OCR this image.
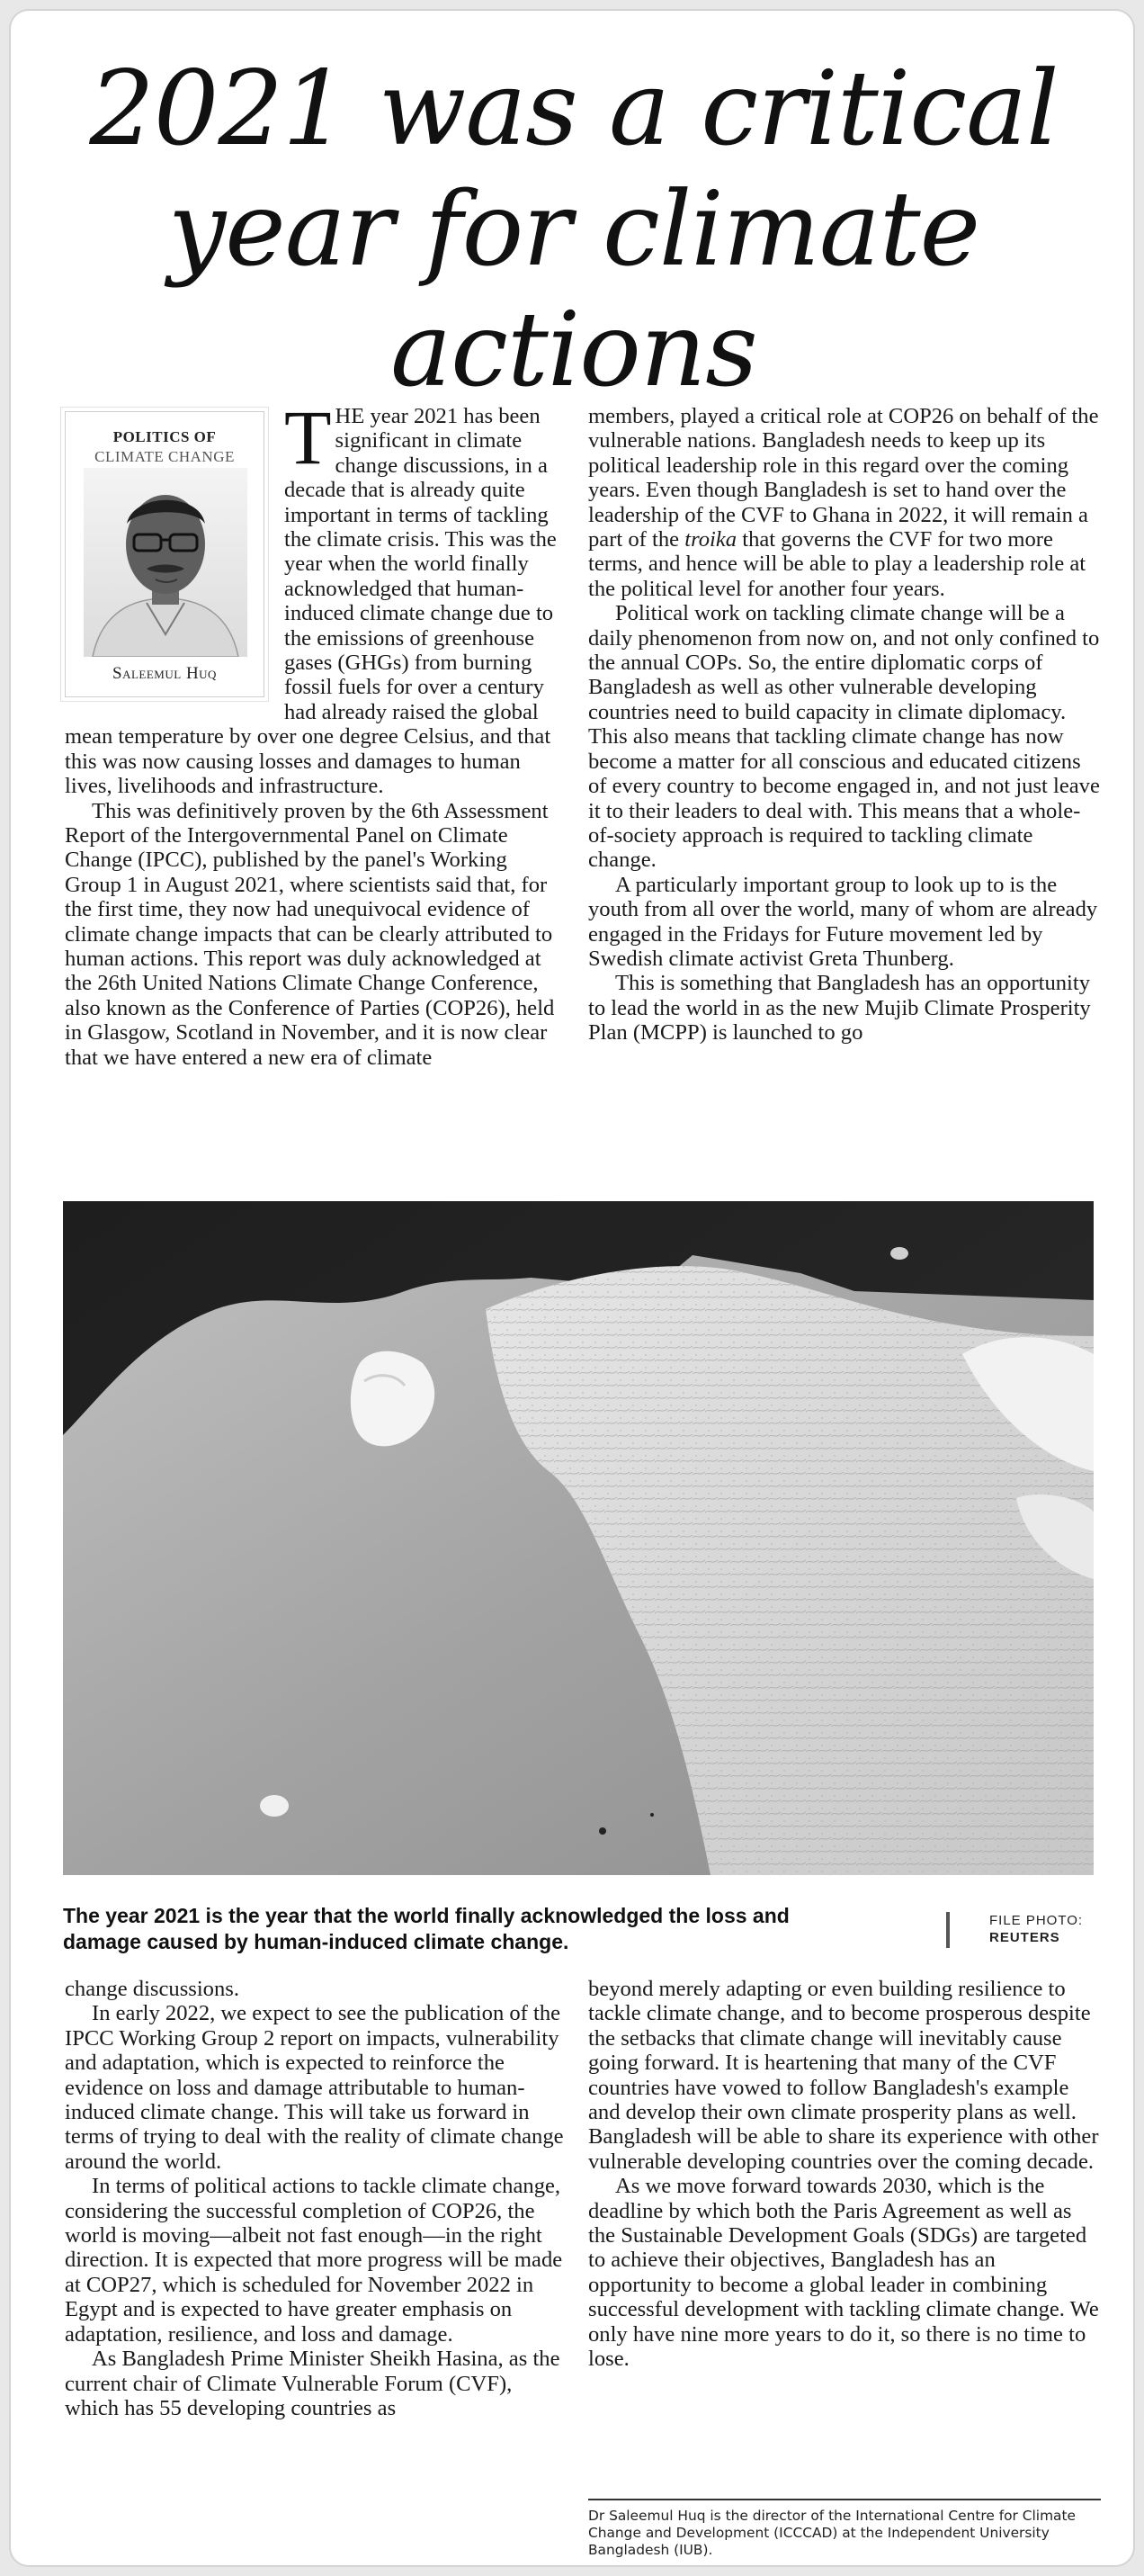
2021 was a critical year for climate actions
POLITICS OF
CLIMATE CHANGE
Saleemul Huq
T HE year 2021 has been significant in climate change discussions, in a decade that is already quite important in terms of tackling the climate crisis. This was the year when the world finally acknowledged that human-induced climate change due to the emissions of greenhouse gases (GHGs) from burning fossil fuels for over a century had already raised the global mean temperature by over one degree Celsius, and that this was now causing losses and damages to human lives, livelihoods and infrastructure.

This was definitively proven by the 6th Assessment Report of the Intergovernmental Panel on Climate Change (IPCC), published by the panel's Working Group 1 in August 2021, where scientists said that, for the first time, they now had unequivocal evidence of climate change impacts that can be clearly attributed to human actions. This report was duly acknowledged at the 26th United Nations Climate Change Conference, also known as the Conference of Parties (COP26), held in Glasgow, Scotland in November, and it is now clear that we have entered a new era of climate

members, played a critical role at COP26 on behalf of the vulnerable nations. Bangladesh needs to keep up its political leadership role in this regard over the coming years. Even though Bangladesh is set to hand over the leadership of the CVF to Ghana in 2022, it will remain a part of the troika that governs the CVF for two more terms, and hence will be able to play a leadership role at the political level for another four years.

Political work on tackling climate change will be a daily phenomenon from now on, and not only confined to the annual COPs. So, the entire diplomatic corps of Bangladesh as well as other vulnerable developing countries need to build capacity in climate diplomacy. This also means that tackling climate change has now become a matter for all conscious and educated citizens of every country to become engaged in, and not just leave it to their leaders to deal with. This means that a whole-of-society approach is required to tackling climate change.

A particularly important group to look up to is the youth from all over the world, many of whom are already engaged in the Fridays for Future movement led by Swedish climate activist Greta Thunberg.

This is something that Bangladesh has an opportunity to lead the world in as the new Mujib Climate Prosperity Plan (MCPP) is launched to go

The year 2021 is the year that the world finally acknowledged the loss and damage caused by human-induced climate change.
FILE PHOTO:
REUTERS

change discussions.

In early 2022, we expect to see the publication of the IPCC Working Group 2 report on impacts, vulnerability and adaptation, which is expected to reinforce the evidence on loss and damage attributable to human-induced climate change. This will take us forward in terms of trying to deal with the reality of climate change around the world.

In terms of political actions to tackle climate change, considering the successful completion of COP26, the world is moving—albeit not fast enough—in the right direction. It is expected that more progress will be made at COP27, which is scheduled for November 2022 in Egypt and is expected to have greater emphasis on adaptation, resilience, and loss and damage.

As Bangladesh Prime Minister Sheikh Hasina, as the current chair of Climate Vulnerable Forum (CVF), which has 55 developing countries as

beyond merely adapting or even building resilience to tackle climate change, and to become prosperous despite the setbacks that climate change will inevitably cause going forward. It is heartening that many of the CVF countries have vowed to follow Bangladesh's example and develop their own climate prosperity plans as well. Bangladesh will be able to share its experience with other vulnerable developing countries over the coming decade.

As we move forward towards 2030, which is the deadline by which both the Paris Agreement as well as the Sustainable Development Goals (SDGs) are targeted to achieve their objectives, Bangladesh has an opportunity to become a global leader in combining successful development with tackling climate change. We only have nine more years to do it, so there is no time to lose.

Dr Saleemul Huq is the director of the International Centre for Climate Change and Development (ICCCAD) at the Independent University Bangladesh (IUB).
